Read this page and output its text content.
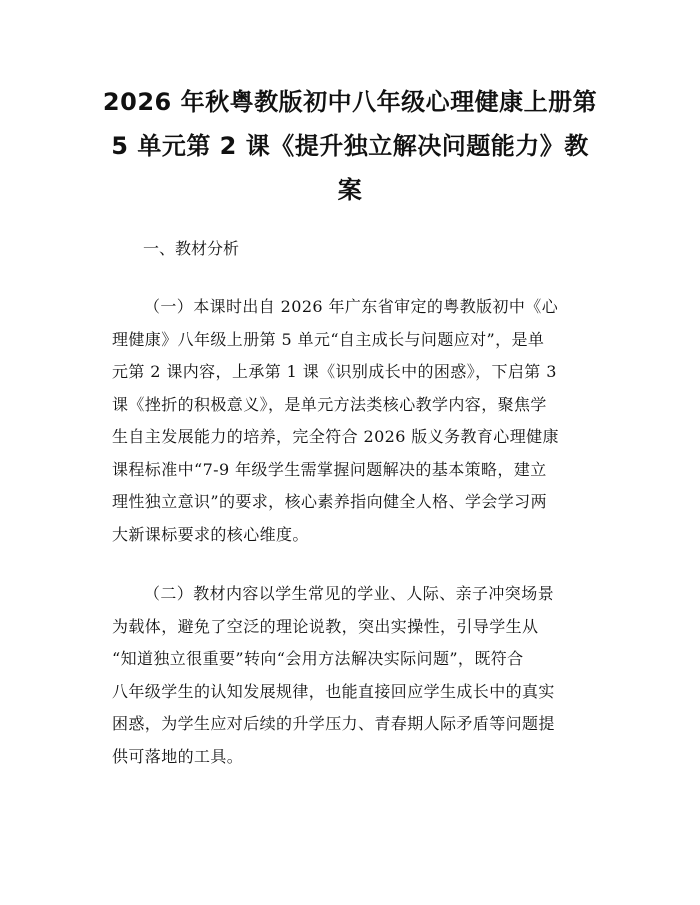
2026 年秋粤教版初中八年级心理健康上册第
5 单元第 2 课《提升独立解决问题能力》教
案
一、教材分析
（一）本课时出自 2026 年广东省审定的粤教版初中《心
理健康》八年级上册第 5 单元“自主成长与问题应对”，是单
元第 2 课内容，上承第 1 课《识别成长中的困惑》，下启第 3
课《挫折的积极意义》，是单元方法类核心教学内容，聚焦学
生自主发展能力的培养，完全符合 2026 版义务教育心理健康
课程标准中“7-9 年级学生需掌握问题解决的基本策略，建立
理性独立意识”的要求，核心素养指向健全人格、学会学习两
大新课标要求的核心维度。
（二）教材内容以学生常见的学业、人际、亲子冲突场景
为载体，避免了空泛的理论说教，突出实操性，引导学生从
“知道独立很重要”转向“会用方法解决实际问题”，既符合
八年级学生的认知发展规律，也能直接回应学生成长中的真实
困惑，为学生应对后续的升学压力、青春期人际矛盾等问题提
供可落地的工具。
